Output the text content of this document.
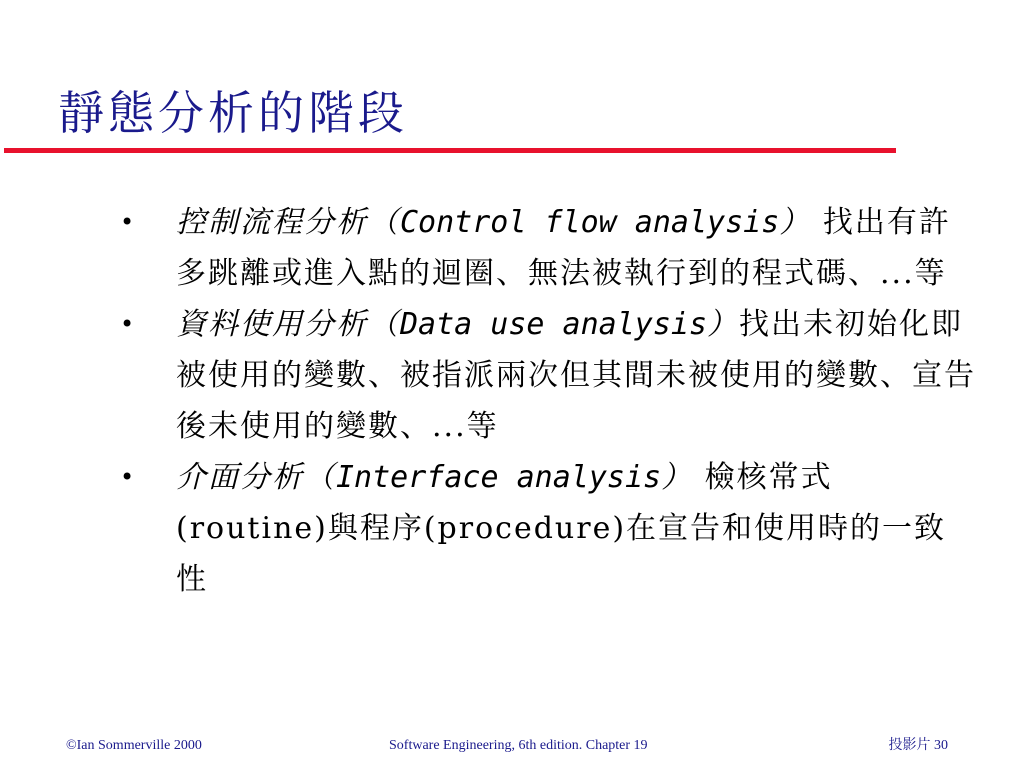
靜態分析的階段
• 控制流程分析（Control flow analysis） 找出有許多跳離或進入點的迴圈、無法被執行到的程式碼、...等
• 資料使用分析（Data use analysis）找出未初始化即被使用的變數、被指派兩次但其間未被使用的變數、宣告後未使用的變數、...等
• 介面分析（Interface analysis） 檢核常式(routine)與程序(procedure)在宣告和使用時的一致性
©Ian Sommerville 2000	Software Engineering, 6th edition. Chapter 19	投影片 30
